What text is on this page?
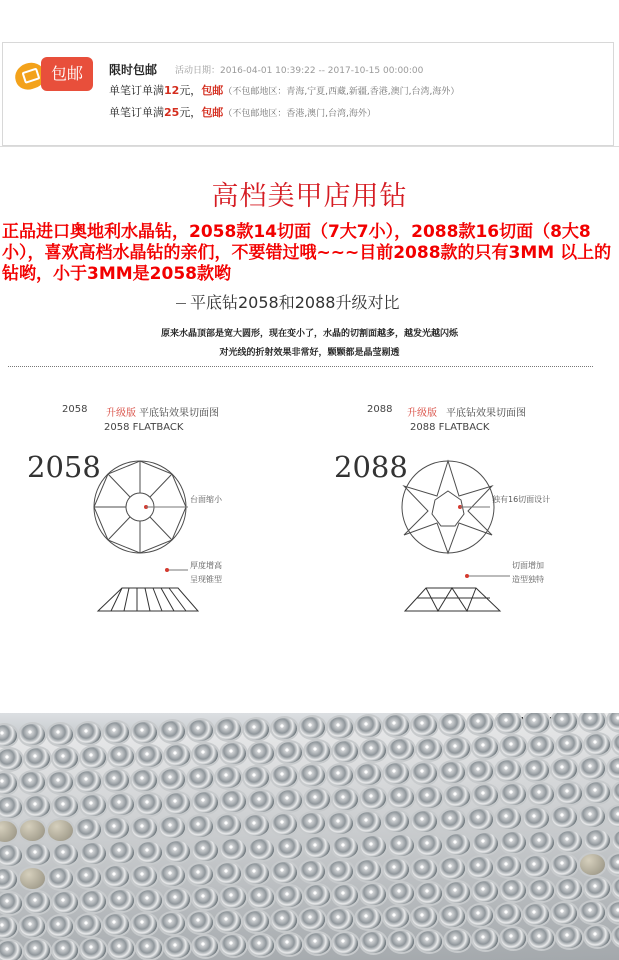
包邮	限时包邮 活动日期：2016-04-01 10:39:22 -- 2017-10-15 00:00:00
单笔订单满12元，包邮（不包邮地区：青海,宁夏,西藏,新疆,香港,澳门,台湾,海外）
单笔订单满25元，包邮（不包邮地区：香港,澳门,台湾,海外）
高档美甲店用钻
正品进口奥地利水晶钻，2058款14切面（7大7小），2088款16切面（8大8小），喜欢高档水晶钻的亲们，不要错过哦~~~目前2088款的只有3MM 以上的钻哟，小于3MM是2058款哟
平底钻2058和2088升级对比
原来水晶顶部是宽大圆形，现在变小了，水晶的切割面越多，越发光越闪烁
对光线的折射效果非常好，颗颗都是晶莹剔透
2058 升级版 平底钻效果切面图
2058 FLATBACK
2058
台面缩小
厚度增高
呈现锥型
2088 升级版 平底钻效果切面图
2088 FLATBACK
2088
独有16切面设计
切面增加
造型独特
